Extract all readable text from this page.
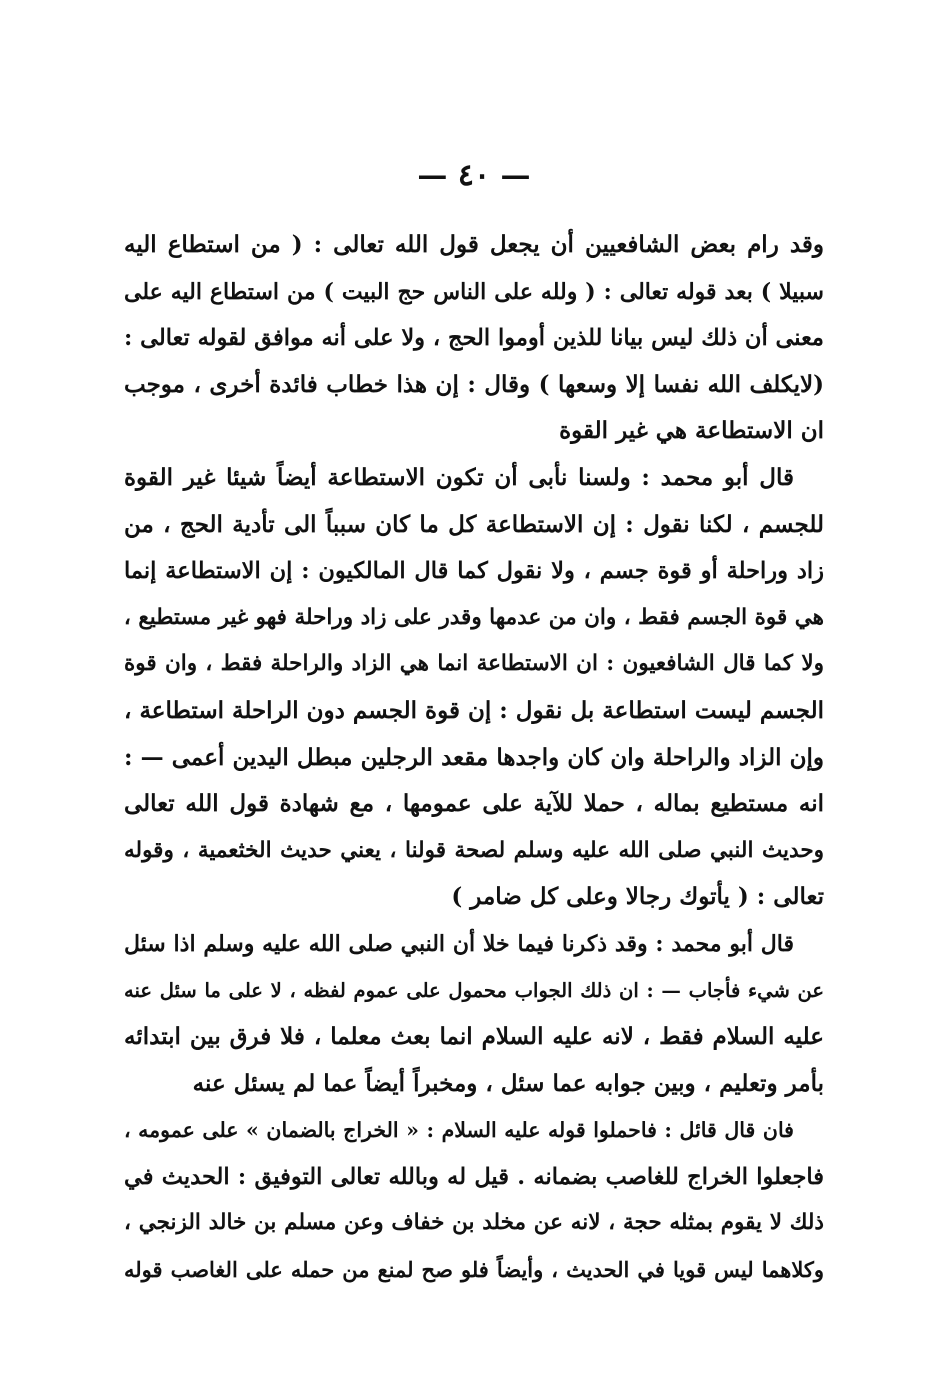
— ٤٠ —
وقد رام بعض الشافعيين أن يجعل قول الله تعالى : ( من استطاع اليه
سبيلا ) بعد قوله تعالى : ( ولله على الناس حج البيت ) من استطاع اليه على
معنى أن ذلك ليس بيانا للذين أوموا الحج ، ولا على أنه موافق لقوله تعالى :
(لايكلف الله نفسا إلا وسعها ) وقال : إن هذا خطاب فائدة أخرى ، موجب
ان الاستطاعة هي غير القوة
قال أبو محمد : ولسنا نأبى أن تكون الاستطاعة أيضاً شيئا غير القوة
للجسم ، لكنا نقول : إن الاستطاعة كل ما كان سبباً الى تأدية الحج ، من
زاد وراحلة أو قوة جسم ، ولا نقول كما قال المالكيون : إن الاستطاعة إنما
هي قوة الجسم فقط ، وان من عدمها وقدر على زاد وراحلة فهو غير مستطيع ،
ولا كما قال الشافعيون : ان الاستطاعة انما هي الزاد والراحلة فقط ، وان قوة
الجسم ليست استطاعة بل نقول : إن قوة الجسم دون الراحلة استطاعة ،
وإن الزاد والراحلة وان كان واجدها مقعد الرجلين مبطل اليدين أعمى — :
انه مستطيع بماله ، حملا للآية على عمومها ، مع شهادة قول الله تعالى
وحديث النبي صلى الله عليه وسلم لصحة قولنا ، يعني حديث الخثعمية ، وقوله
تعالى : ( يأتوك رجالا وعلى كل ضامر )
قال أبو محمد : وقد ذكرنا فيما خلا أن النبي صلى الله عليه وسلم اذا سئل
عن شيء فأجاب — : ان ذلك الجواب محمول على عموم لفظه ، لا على ما سئل عنه
عليه السلام فقط ، لانه عليه السلام انما بعث معلما ، فلا فرق بين ابتدائه
بأمر وتعليم ، وبين جوابه عما سئل ، ومخبراً أيضاً عما لم يسئل عنه
فان قال قائل : فاحملوا قوله عليه السلام : « الخراج بالضمان » على عمومه ،
فاجعلوا الخراج للغاصب بضمانه . قيل له وبالله تعالى التوفيق : الحديث في
ذلك لا يقوم بمثله حجة ، لانه عن مخلد بن خفاف وعن مسلم بن خالد الزنجي ،
وكلاهما ليس قويا في الحديث ، وأيضاً فلو صح لمنع من حمله على الغاصب قوله
